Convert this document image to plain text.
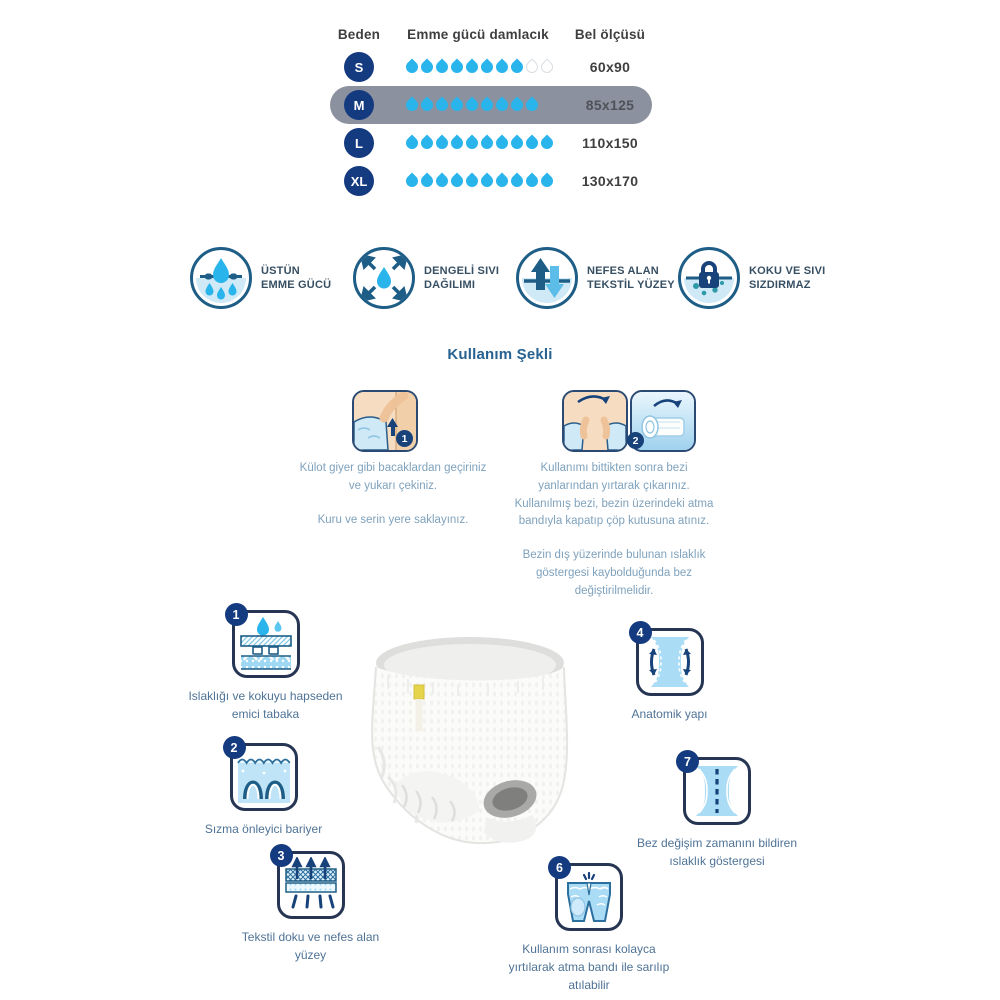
Beden	Emme gücü damlacık	Bel ölçüsü
S	60x90
M	85x125
L	110x150
XL	130x170
ÜSTÜN
EMME GÜCÜ
DENGELİ SIVI
DAĞILIMI
NEFES ALAN
TEKSTİL YÜZEY
KOKU VE SIVI
SIZDIRMAZ
Kullanım Şekli
1	2

Külot giyer gibi bacaklardan geçiriniz ve yukarı çekiniz.

Kuru ve serin yere saklayınız.

Kullanımı bittikten sonra bezi yanlarından yırtarak çıkarınız. Kullanılmış bezi, bezin üzerindeki atma bandıyla kapatıp çöp kutusuna atınız.

Bezin dış yüzerinde bulunan ıslaklık göstergesi kaybolduğunda bez değiştirilmelidir.

1
Islaklığı ve kokuyu hapseden emici tabaka
2
Sızma önleyici bariyer
3
Tekstil doku ve nefes alan yüzey
4
Anatomik yapı
7
Bez değişim zamanını bildiren ıslaklık göstergesi
6
Kullanım sonrası kolayca yırtılarak atma bandı ile sarılıp atılabilir
